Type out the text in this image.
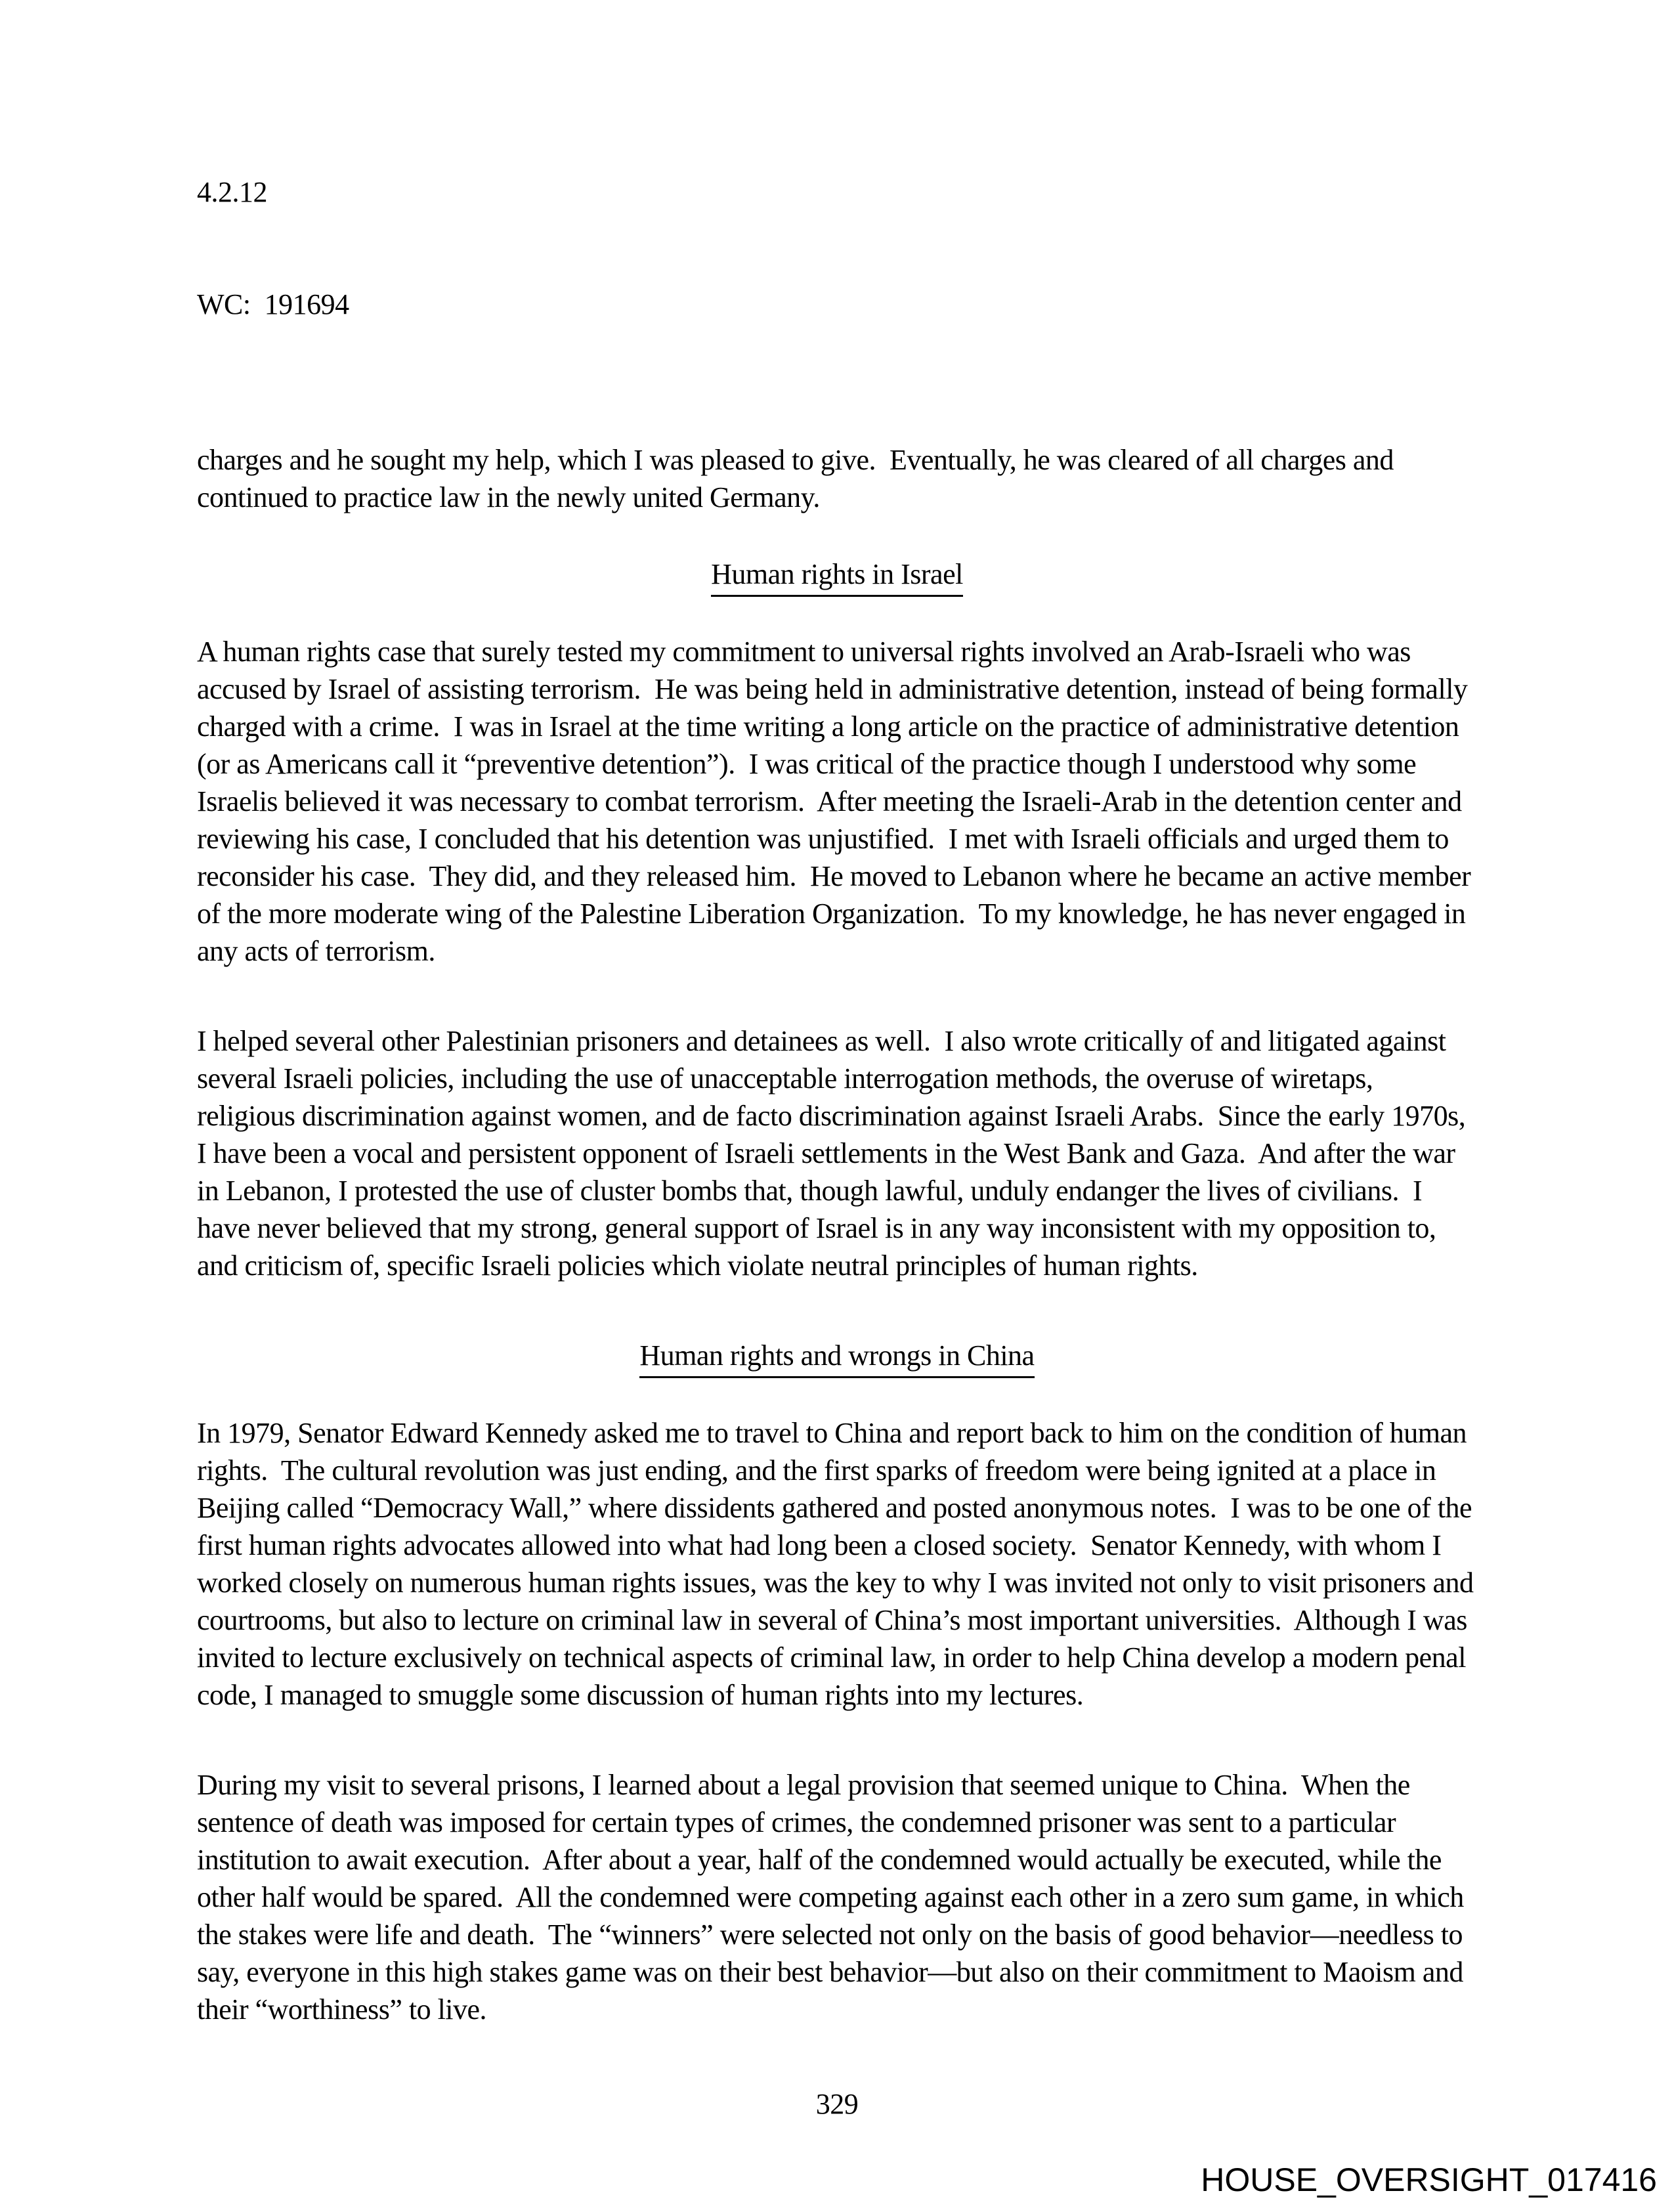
4.2.12

WC:  191694

charges and he sought my help, which I was pleased to give.  Eventually, he was cleared of all charges and continued to practice law in the newly united Germany.

Human rights in Israel

A human rights case that surely tested my commitment to universal rights involved an Arab-Israeli who was accused by Israel of assisting terrorism.  He was being held in administrative detention, instead of being formally charged with a crime.  I was in Israel at the time writing a long article on the practice of administrative detention (or as Americans call it “preventive detention”).  I was critical of the practice though I understood why some Israelis believed it was necessary to combat terrorism.  After meeting the Israeli-Arab in the detention center and reviewing his case, I concluded that his detention was unjustified.  I met with Israeli officials and urged them to reconsider his case.  They did, and they released him.  He moved to Lebanon where he became an active member of the more moderate wing of the Palestine Liberation Organization.  To my knowledge, he has never engaged in any acts of terrorism.

I helped several other Palestinian prisoners and detainees as well.  I also wrote critically of and litigated against several Israeli policies, including the use of unacceptable interrogation methods, the overuse of wiretaps, religious discrimination against women, and de facto discrimination against Israeli Arabs.  Since the early 1970s, I have been a vocal and persistent opponent of Israeli settlements in the West Bank and Gaza.  And after the war in Lebanon, I protested the use of cluster bombs that, though lawful, unduly endanger the lives of civilians.  I have never believed that my strong, general support of Israel is in any way inconsistent with my opposition to, and criticism of, specific Israeli policies which violate neutral principles of human rights.

Human rights and wrongs in China

In 1979, Senator Edward Kennedy asked me to travel to China and report back to him on the condition of human rights.  The cultural revolution was just ending, and the first sparks of freedom were being ignited at a place in Beijing called “Democracy Wall,” where dissidents gathered and posted anonymous notes.  I was to be one of the first human rights advocates allowed into what had long been a closed society.  Senator Kennedy, with whom I worked closely on numerous human rights issues, was the key to why I was invited not only to visit prisoners and courtrooms, but also to lecture on criminal law in several of China’s most important universities.  Although I was invited to lecture exclusively on technical aspects of criminal law, in order to help China develop a modern penal code, I managed to smuggle some discussion of human rights into my lectures.

During my visit to several prisons, I learned about a legal provision that seemed unique to China.  When the sentence of death was imposed for certain types of crimes, the condemned prisoner was sent to a particular institution to await execution.  After about a year, half of the condemned would actually be executed, while the other half would be spared.  All the condemned were competing against each other in a zero sum game, in which the stakes were life and death.  The “winners” were selected not only on the basis of good behavior—needless to say, everyone in this high stakes game was on their best behavior—but also on their commitment to Maoism and their “worthiness” to live.

329
HOUSE_OVERSIGHT_017416
